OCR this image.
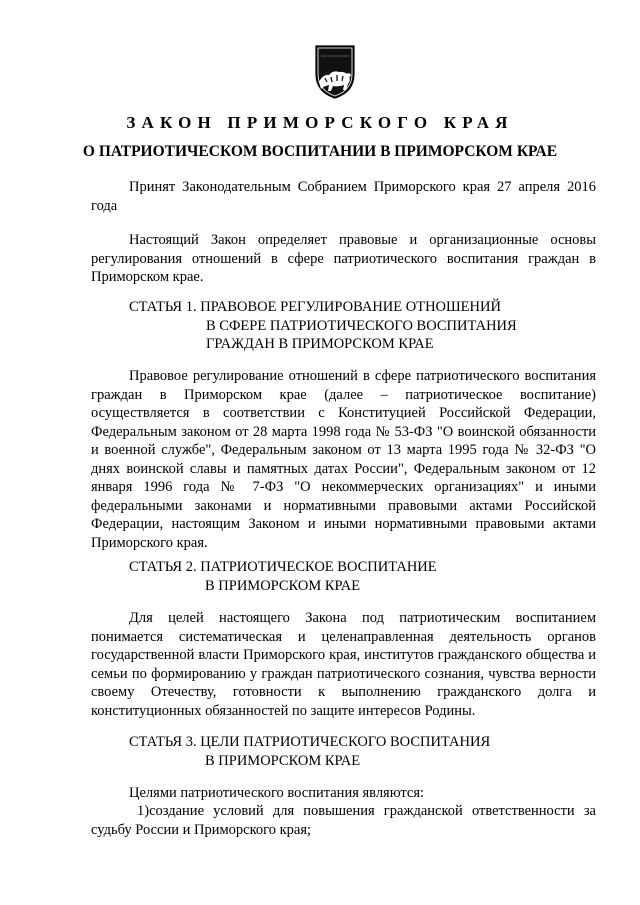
ЗАКОН ПРИМОРСКОГО КРАЯ
О ПАТРИОТИЧЕСКОМ ВОСПИТАНИИ В ПРИМОРСКОМ КРАЕ

Принят Законодательным Собранием Приморского края 27 апреля 2016 года

Настоящий Закон определяет правовые и организационные основы регулирования отношений в сфере патриотического воспитания граждан в Приморском крае.

СТАТЬЯ 1. ПРАВОВОЕ РЕГУЛИРОВАНИЕ ОТНОШЕНИЙ
В СФЕРЕ ПАТРИОТИЧЕСКОГО ВОСПИТАНИЯ
ГРАЖДАН В ПРИМОРСКОМ КРАЕ

Правовое регулирование отношений в сфере патриотического воспитания граждан в Приморском крае (далее – патриотическое воспитание) осуществляется в соответствии с Конституцией Российской Федерации, Федеральным законом от 28 марта 1998 года № 53-ФЗ "О воинской обязанности и военной службе", Федеральным законом от 13 марта 1995 года № 32-ФЗ "О днях воинской славы и памятных датах России", Федеральным законом от 12 января 1996 года № 7-ФЗ "О некоммерческих организациях" и иными федеральными законами и нормативными правовыми актами Российской Федерации, настоящим Законом и иными нормативными правовыми актами Приморского края.

СТАТЬЯ 2. ПАТРИОТИЧЕСКОЕ ВОСПИТАНИЕ
В ПРИМОРСКОМ КРАЕ

Для целей настоящего Закона под патриотическим воспитанием понимается систематическая и целенаправленная деятельность органов государственной власти Приморского края, институтов гражданского общества и семьи по формированию у граждан патриотического сознания, чувства верности своему Отечеству, готовности к выполнению гражданского долга и конституционных обязанностей по защите интересов Родины.

СТАТЬЯ 3. ЦЕЛИ ПАТРИОТИЧЕСКОГО ВОСПИТАНИЯ
В ПРИМОРСКОМ КРАЕ

Целями патриотического воспитания являются:

1)создание условий для повышения гражданской ответственности за судьбу России и Приморского края;
